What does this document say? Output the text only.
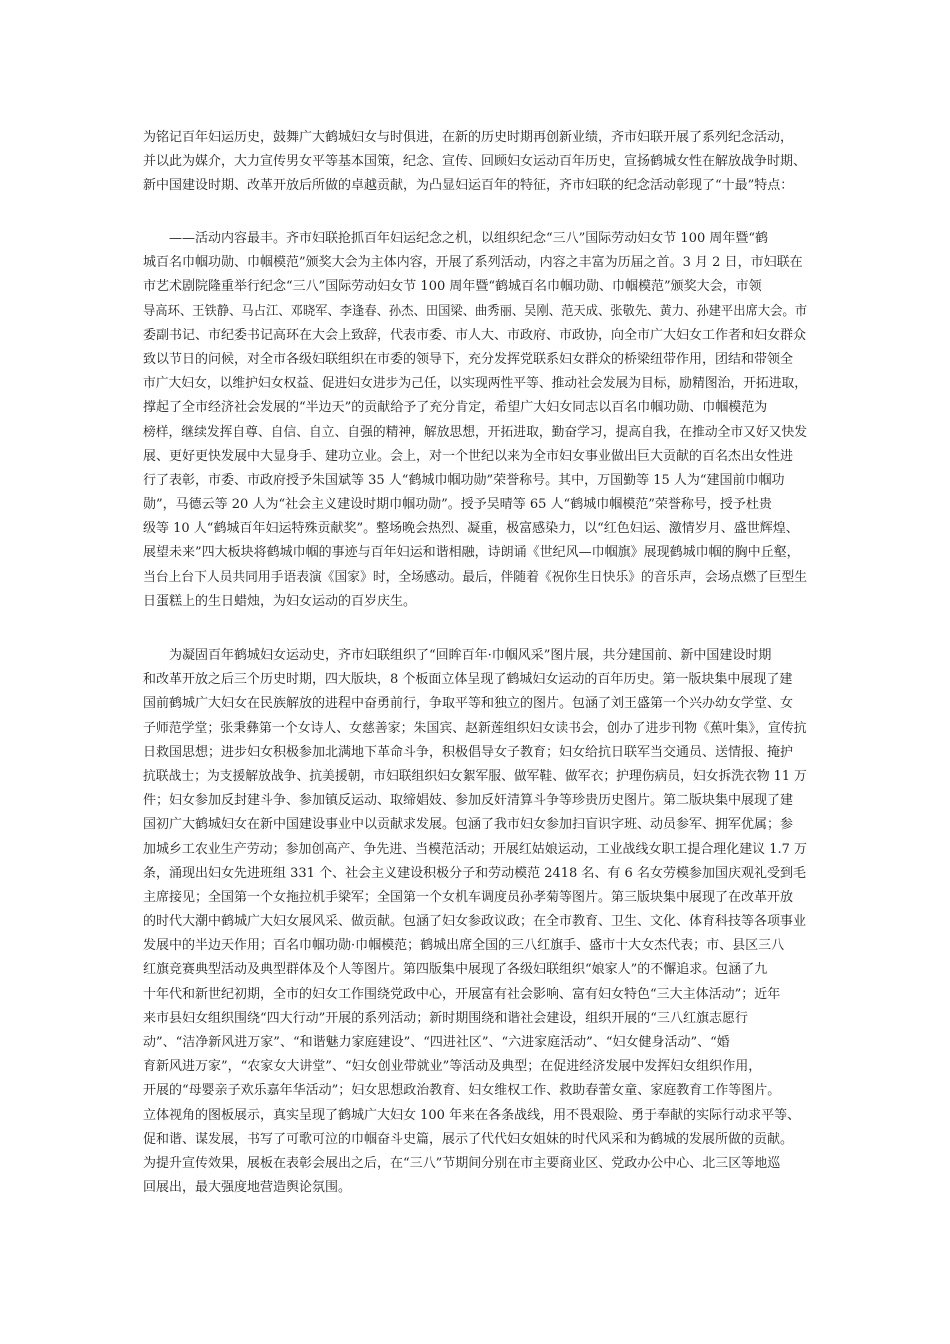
为铭记百年妇运历史，鼓舞广大鹤城妇女与时俱进，在新的历史时期再创新业绩，齐市妇联开展了系列纪念活动，
并以此为媒介，大力宣传男女平等基本国策，纪念、宣传、回顾妇女运动百年历史，宣扬鹤城女性在解放战争时期、
新中国建设时期、改革开放后所做的卓越贡献，为凸显妇运百年的特征，齐市妇联的纪念活动彰现了“十最”特点：
　　——活动内容最丰。齐市妇联抢抓百年妇运纪念之机，以组织纪念“三八”国际劳动妇女节 100 周年暨“鹤
城百名巾帼功勋、巾帼模范”颁奖大会为主体内容，开展了系列活动，内容之丰富为历届之首。3 月 2 日，市妇联在
市艺术剧院隆重举行纪念“三八”国际劳动妇女节 100 周年暨“鹤城百名巾帼功勋、巾帼模范”颁奖大会，市领
导高环、王铁静、马占江、邓晓军、李逢春、孙杰、田国梁、曲秀丽、吴刚、范天成、张敬先、黄力、孙建平出席大会。市
委副书记、市纪委书记高环在大会上致辞，代表市委、市人大、市政府、市政协，向全市广大妇女工作者和妇女群众
致以节日的问候，对全市各级妇联组织在市委的领导下，充分发挥党联系妇女群众的桥梁纽带作用，团结和带领全
市广大妇女，以维护妇女权益、促进妇女进步为己任，以实现两性平等、推动社会发展为目标，励精图治，开拓进取，
撑起了全市经济社会发展的“半边天”的贡献给予了充分肯定，希望广大妇女同志以百名巾帼功勋、巾帼模范为
榜样，继续发挥自尊、自信、自立、自强的精神，解放思想，开拓进取，勤奋学习，提高自我，在推动全市又好又快发
展、更好更快发展中大显身手、建功立业。会上，对一个世纪以来为全市妇女事业做出巨大贡献的百名杰出女性进
行了表彰，市委、市政府授予朱国斌等 35 人“鹤城巾帼功勋”荣誉称号。其中，万国勤等 15 人为“建国前巾帼功
勋”，马德云等 20 人为“社会主义建设时期巾帼功勋”。授予吴晴等 65 人“鹤城巾帼模范”荣誉称号，授予杜贵
级等 10 人“鹤城百年妇运特殊贡献奖”。整场晚会热烈、凝重，极富感染力，以“红色妇运、激情岁月、盛世辉煌、
展望未来”四大板块将鹤城巾帼的事迹与百年妇运和谐相融，诗朗诵《世纪风—巾帼旗》展现鹤城巾帼的胸中丘壑，
当台上台下人员共同用手语表演《国家》时，全场感动。最后，伴随着《祝你生日快乐》的音乐声，会场点燃了巨型生
日蛋糕上的生日蜡烛，为妇女运动的百岁庆生。
　　为凝固百年鹤城妇女运动史，齐市妇联组织了“回眸百年·巾帼风采”图片展，共分建国前、新中国建设时期
和改革开放之后三个历史时期，四大版块，8 个板面立体呈现了鹤城妇女运动的百年历史。第一版块集中展现了建
国前鹤城广大妇女在民族解放的进程中奋勇前行，争取平等和独立的图片。包涵了刘王盛第一个兴办幼女学堂、女
子师范学堂；张秉彝第一个女诗人、女慈善家；朱国宾、赵新莲组织妇女读书会，创办了进步刊物《蕉叶集》，宣传抗
日救国思想；进步妇女积极参加北满地下革命斗争，积极倡导女子教育；妇女给抗日联军当交通员、送情报、掩护
抗联战士；为支援解放战争、抗美援朝，市妇联组织妇女絮军服、做军鞋、做军衣；护理伤病员，妇女拆洗衣物 11 万
件；妇女参加反封建斗争、参加镇反运动、取缔娼妓、参加反奸清算斗争等珍贵历史图片。第二版块集中展现了建
国初广大鹤城妇女在新中国建设事业中以贡献求发展。包涵了我市妇女参加扫盲识字班、动员参军、拥军优属；参
加城乡工农业生产劳动；参加创高产、争先进、当模范活动；开展红姑娘运动，工业战线女职工提合理化建议 1.7 万
条，涌现出妇女先进班组 331 个、社会主义建设积极分子和劳动模范 2418 名、有 6 名女劳模参加国庆观礼受到毛
主席接见；全国第一个女拖拉机手梁军；全国第一个女机车调度员孙孝菊等图片。第三版块集中展现了在改革开放
的时代大潮中鹤城广大妇女展风采、做贡献。包涵了妇女参政议政；在全市教育、卫生、文化、体育科技等各项事业
发展中的半边天作用；百名巾帼功勋·巾帼模范；鹤城出席全国的三八红旗手、盛市十大女杰代表；市、县区三八
红旗竞赛典型活动及典型群体及个人等图片。第四版集中展现了各级妇联组织“娘家人”的不懈追求。包涵了九
十年代和新世纪初期，全市的妇女工作围绕党政中心，开展富有社会影响、富有妇女特色“三大主体活动”；近年
来市县妇女组织围绕“四大行动”开展的系列活动；新时期围绕和谐社会建设，组织开展的“三八红旗志愿行
动”、“洁净新风进万家”、“和谐魅力家庭建设”、“四进社区”、“六进家庭活动”、“妇女健身活动”、“婚
育新风进万家”，“农家女大讲堂”、“妇女创业带就业”等活动及典型；在促进经济发展中发挥妇女组织作用，
开展的“母婴亲子欢乐嘉年华活动”；妇女思想政治教育、妇女维权工作、救助春蕾女童、家庭教育工作等图片。
立体视角的图板展示，真实呈现了鹤城广大妇女 100 年来在各条战线，用不畏艰险、勇于奉献的实际行动求平等、
促和谐、谋发展，书写了可歌可泣的巾帼奋斗史篇，展示了代代妇女姐妹的时代风采和为鹤城的发展所做的贡献。
为提升宣传效果，展板在表彰会展出之后，在“三八”节期间分别在市主要商业区、党政办公中心、北三区等地巡
回展出，最大强度地营造舆论氛围。
